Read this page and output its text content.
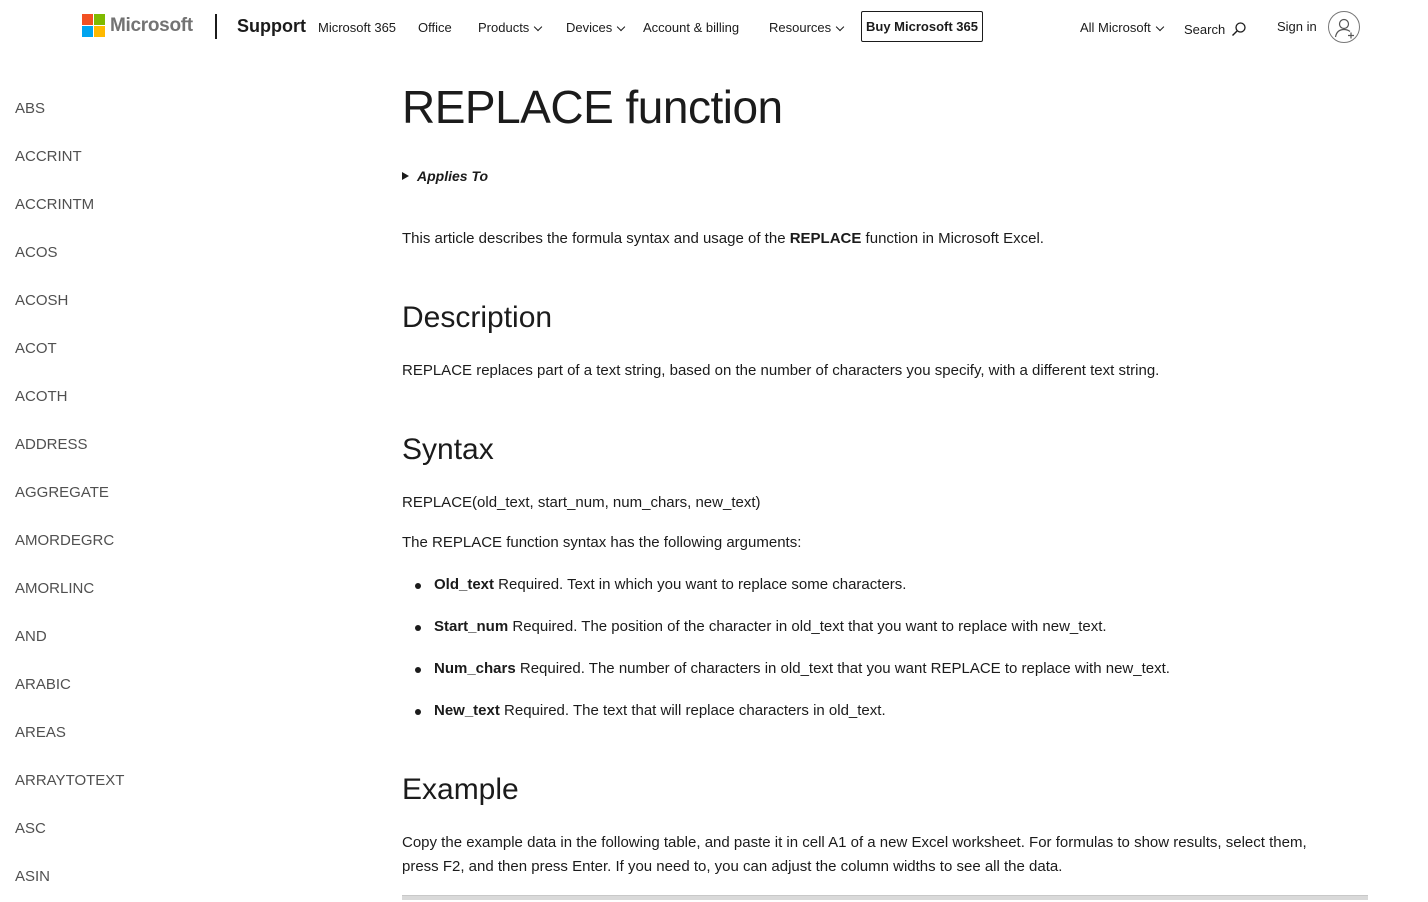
Microsoft Support Microsoft 365 Office Products	Devices Account & billing Resources	Buy Microsoft 365	All Microsoft	Search	Sign in
ABS
ACCRINT
ACCRINTM
ACOS
ACOSH
ACOT
ACOTH
ADDRESS
AGGREGATE
AMORDEGRC
AMORLINC
AND
ARABIC
AREAS
ARRAYTOTEXT
ASC
ASIN
REPLACE function
Applies To

This article describes the formula syntax and usage of the REPLACE function in Microsoft Excel.

Description

REPLACE replaces part of a text string, based on the number of characters you specify, with a different text string.

Syntax

REPLACE(old_text, start_num, num_chars, new_text)

The REPLACE function syntax has the following arguments:

Old_text Required. Text in which you want to replace some characters.
Start_num Required. The position of the character in old_text that you want to replace with new_text.
Num_chars Required. The number of characters in old_text that you want REPLACE to replace with new_text.
New_text Required. The text that will replace characters in old_text.
Example

Copy the example data in the following table, and paste it in cell A1 of a new Excel worksheet. For formulas to show results, select them,

press F2, and then press Enter. If you need to, you can adjust the column widths to see all the data.
